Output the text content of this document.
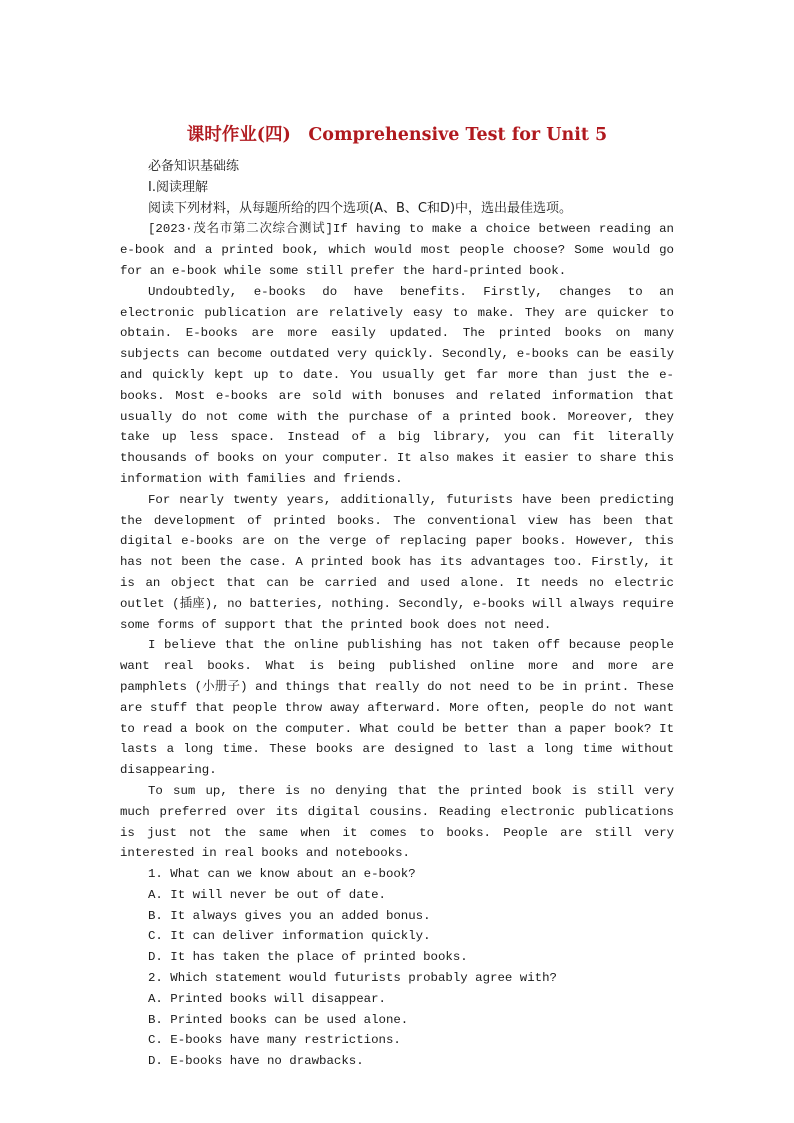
课时作业(四)　Comprehensive Test for Unit 5

必备知识基础练

Ⅰ.阅读理解

阅读下列材料，从每题所给的四个选项(A、B、C和D)中，选出最佳选项。

[2023·茂名市第二次综合测试]If having to make a choice between reading an e-book and a printed book, which would most people choose? Some would go for an e-book while some still prefer the hard-printed book.

Undoubtedly, e-books do have benefits. Firstly, changes to an electronic publication are relatively easy to make. They are quicker to obtain. E-books are more easily updated. The printed books on many subjects can become outdated very quickly. Secondly, e-books can be easily and quickly kept up to date. You usually get far more than just the e-books. Most e-books are sold with bonuses and related information that usually do not come with the purchase of a printed book. Moreover, they take up less space. Instead of a big library, you can fit literally thousands of books on your computer. It also makes it easier to share this information with families and friends.

For nearly twenty years, additionally, futurists have been predicting the development of printed books. The conventional view has been that digital e-books are on the verge of replacing paper books. However, this has not been the case. A printed book has its advantages too. Firstly, it is an object that can be carried and used alone. It needs no electric outlet (插座), no batteries, nothing. Secondly, e-books will always require some forms of support that the printed book does not need.

I believe that the online publishing has not taken off because people want real books. What is being published online more and more are pamphlets (小册子) and things that really do not need to be in print. These are stuff that people throw away afterward. More often, people do not want to read a book on the computer. What could be better than a paper book? It lasts a long time. These books are designed to last a long time without disappearing.

To sum up, there is no denying that the printed book is still very much preferred over its digital cousins. Reading electronic publications is just not the same when it comes to books. People are still very interested in real books and notebooks.

1. What can we know about an e-book?

A. It will never be out of date.

B. It always gives you an added bonus.

C. It can deliver information quickly.

D. It has taken the place of printed books.

2. Which statement would futurists probably agree with?

A. Printed books will disappear.

B. Printed books can be used alone.

C. E-books have many restrictions.

D. E-books have no drawbacks.
